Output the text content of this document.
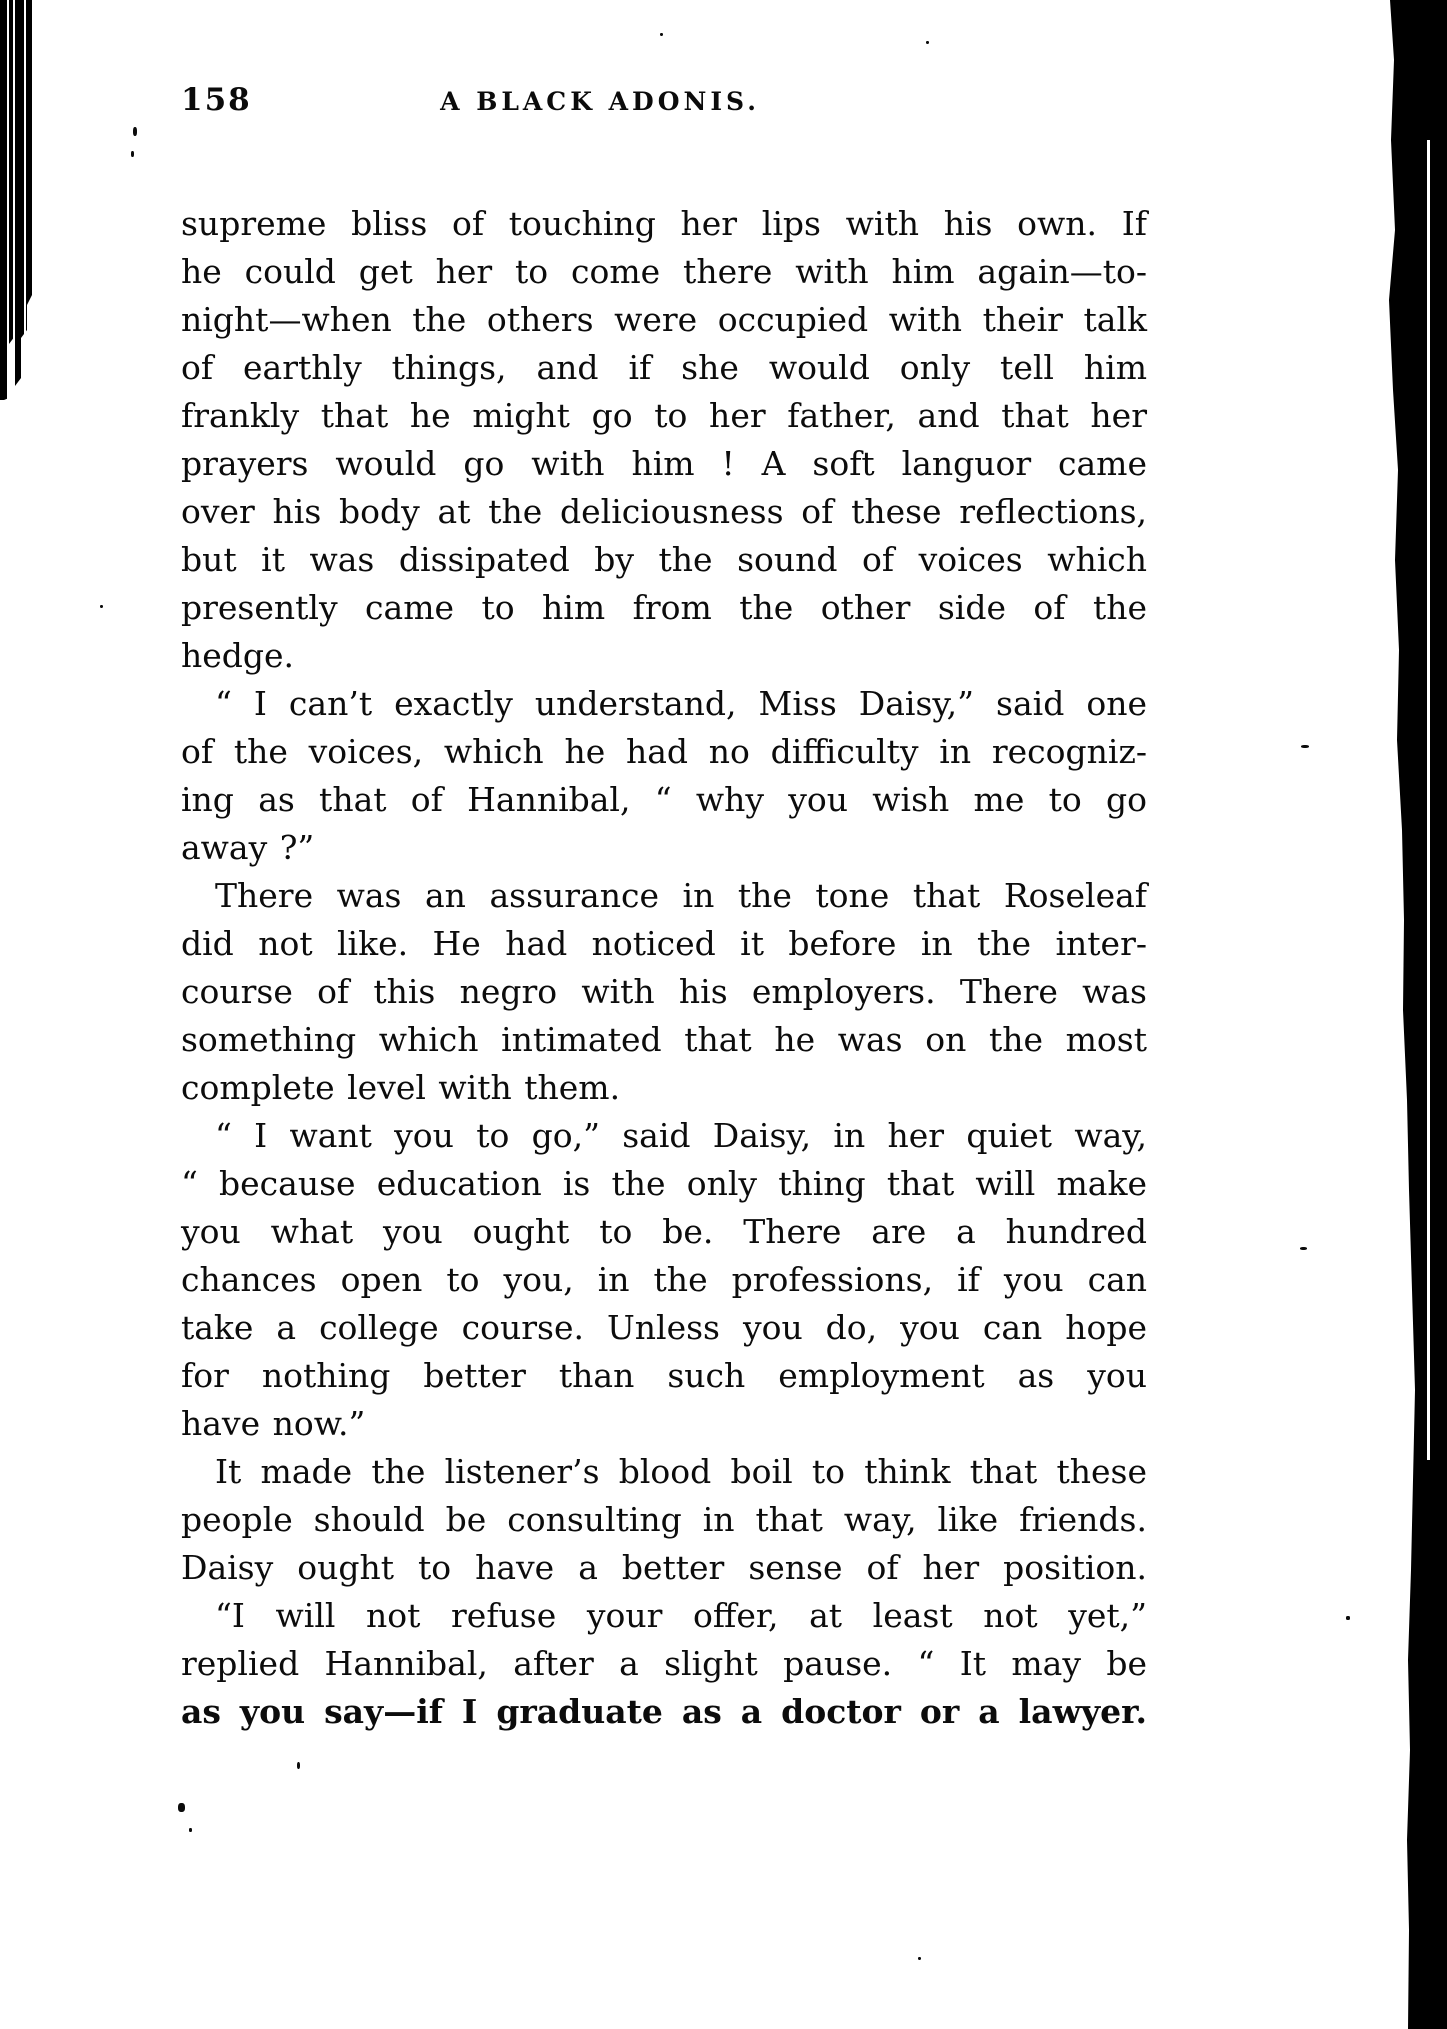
158	A BLACK ADONIS.
supreme bliss of touching her lips with his own. If
he could get her to come there with him again—to-
night—when the others were occupied with their talk
of earthly things, and if she would only tell him
frankly that he might go to her father, and that her
prayers would go with him ! A soft languor came
over his body at the deliciousness of these reflections,
but it was dissipated by the sound of voices which
presently came to him from the other side of the
hedge.
“ I can’t exactly understand, Miss Daisy,” said one
of the voices, which he had no difficulty in recogniz-
ing as that of Hannibal, “ why you wish me to go
away ?”
There was an assurance in the tone that Roseleaf
did not like. He had noticed it before in the inter-
course of this negro with his employers. There was
something which intimated that he was on the most
complete level with them.
“ I want you to go,” said Daisy, in her quiet way,
“ because education is the only thing that will make
you what you ought to be. There are a hundred
chances open to you, in the professions, if you can
take a college course. Unless you do, you can hope
for nothing better than such employment as you
have now.”
It made the listener’s blood boil to think that these
people should be consulting in that way, like friends.
Daisy ought to have a better sense of her position.
“I will not refuse your offer, at least not yet,”
replied Hannibal, after a slight pause. “ It may be
as you say—if I graduate as a doctor or a lawyer.
